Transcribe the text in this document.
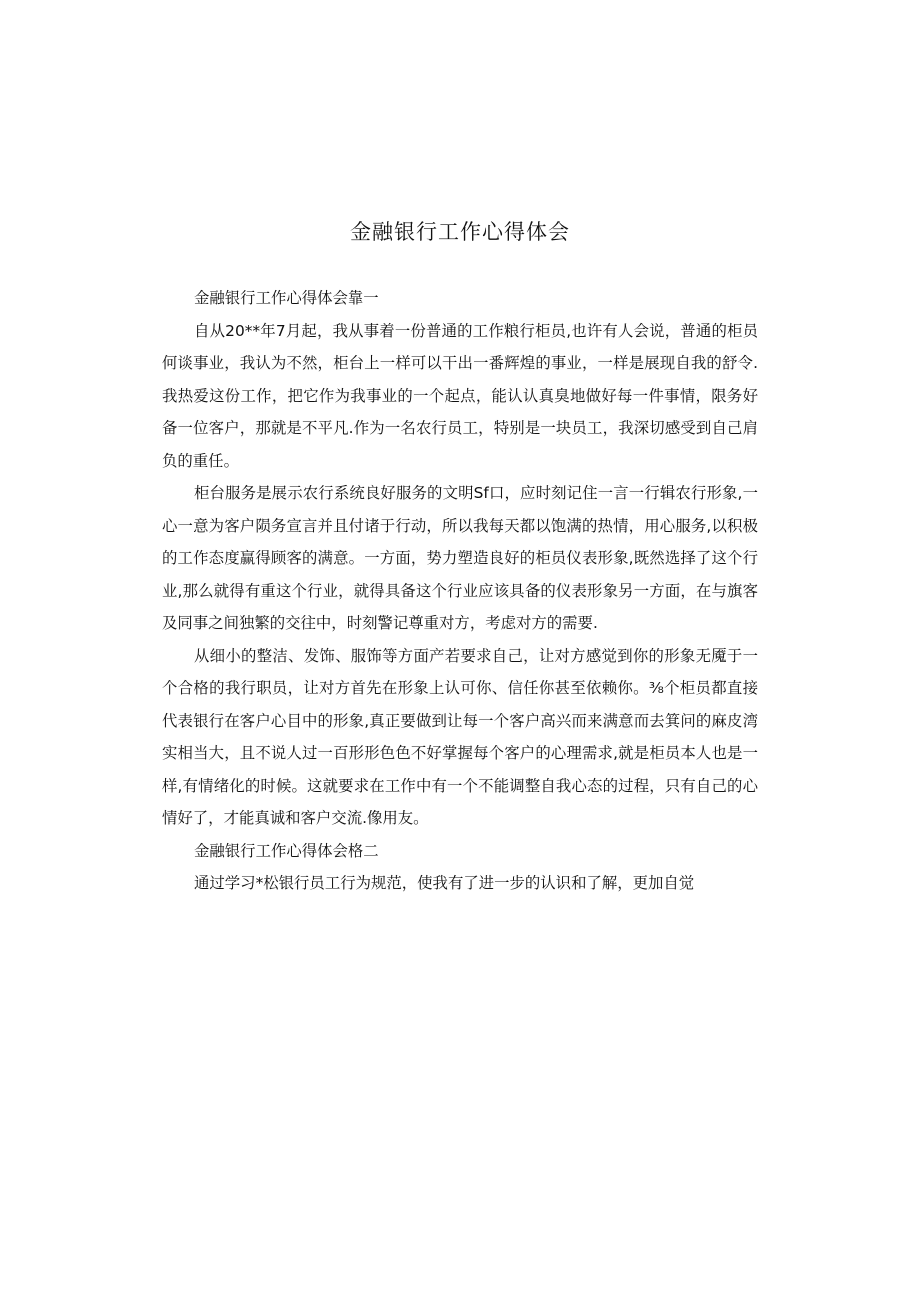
金融银行工作心得体会

金融银行工作心得体会靠一

自从20**年7月起，我从事着一份普通的工作粮行柜员,也许有人会说，普通的柜员何谈事业，我认为不然，柜台上一样可以干出一番辉煌的事业，一样是展现自我的舒令.我热爱这份工作，把它作为我事业的一个起点，能认认真臭地做好每一件事情，限务好备一位客户，那就是不平凡.作为一名农行员工，特别是一块员工，我深切感受到自己肩负的重任。

柜台服务是展示农行系统良好服务的文明Sf口，应时刻记住一言一行辑农行形象,一心一意为客户陨务宣言并且付诸于行动，所以我每天都以饱满的热情，用心服务,以积极的工作态度赢得顾客的满意。一方面，势力塑造良好的柜员仪表形象,既然选择了这个行业,那么就得有重这个行业，就得具备这个行业应该具备的仪表形象另一方面，在与旗客及同事之间独繁的交往中，时刻警记尊重对方，考虑对方的需要.

从细小的整洁、发饰、服饰等方面产若要求自己，让对方感觉到你的形象无魇于一个合格的我行职员，让对方首先在形象上认可你、信任你甚至依赖你。⅜个柜员都直接代表银行在客户心目中的形象,真正要做到让每一个客户高兴而来满意而去箕问的麻皮湾实相当大，且不说人过一百形形色色不好掌握每个客户的心理需求,就是柜员本人也是一样,有情绪化的时候。这就要求在工作中有一个不能调整自我心态的过程，只有自己的心情好了，才能真诚和客户交流.像用友。

金融银行工作心得体会格二

通过学习*松银行员工行为规范，使我有了进一步的认识和了解，更加自觉
